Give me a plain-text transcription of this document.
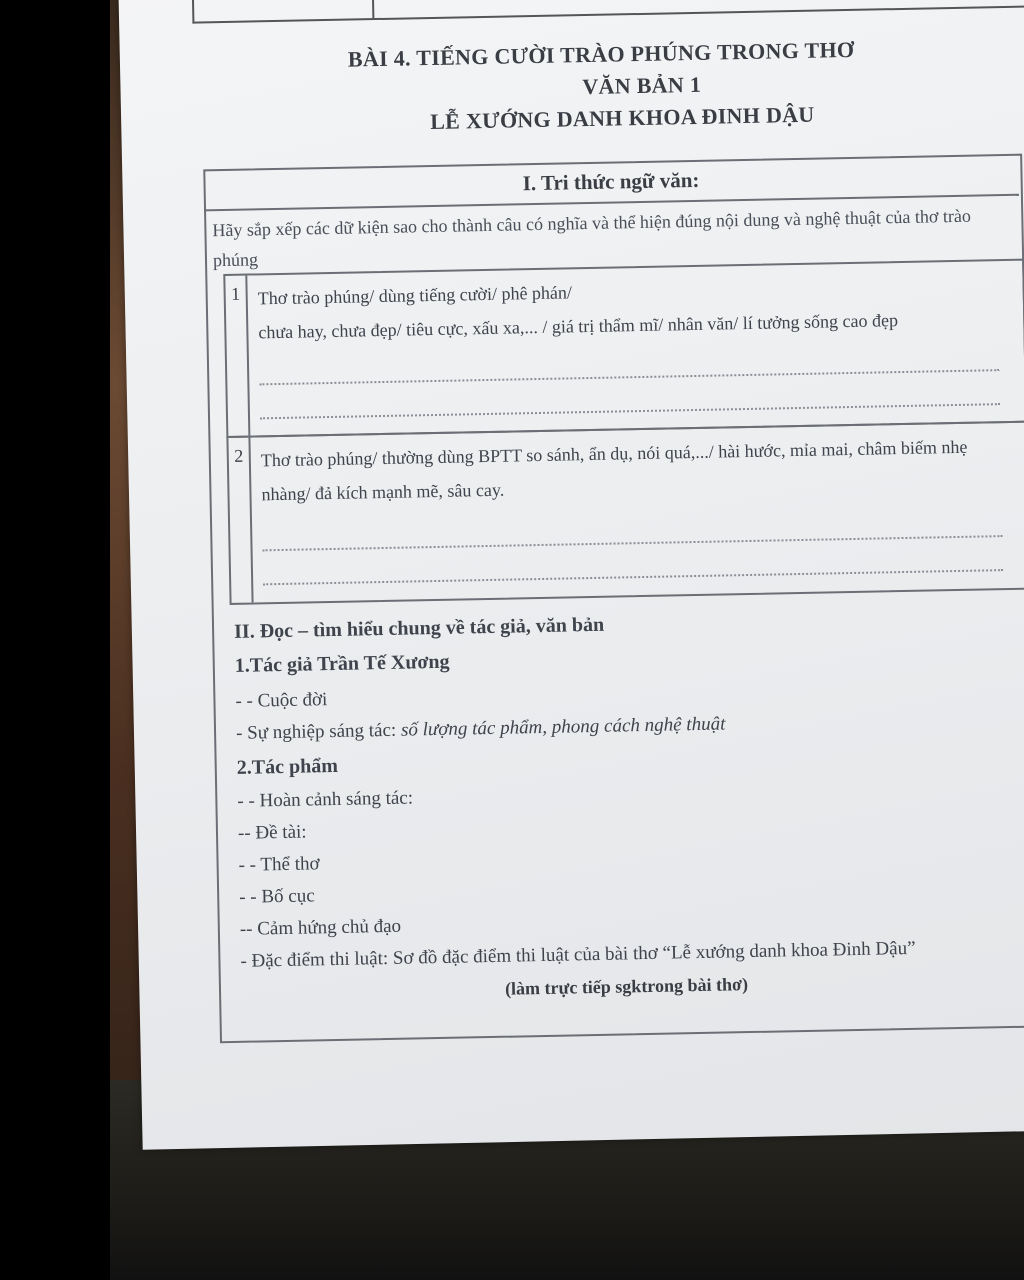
BÀI 4. TIẾNG CƯỜI TRÀO PHÚNG TRONG THƠ
VĂN BẢN 1
LỄ XƯỚNG DANH KHOA ĐINH DẬU
I. Tri thức ngữ văn:
Hãy sắp xếp các dữ kiện sao cho thành câu có nghĩa và thể hiện đúng nội dung và nghệ thuật của thơ trào phúng
1 Thơ trào phúng/ dùng tiếng cười/ phê phán/
chưa hay, chưa đẹp/ tiêu cực, xấu xa,... / giá trị thẩm mĩ/ nhân văn/ lí tưởng sống cao đẹp
2 Thơ trào phúng/ thường dùng BPTT so sánh, ẩn dụ, nói quá,.../ hài hước, mỉa mai, châm biếm nhẹ
nhàng/ đả kích mạnh mẽ, sâu cay.
II. Đọc – tìm hiểu chung về tác giả, văn bản
1.Tác giả Trần Tế Xương
- - Cuộc đời
- Sự nghiệp sáng tác: số lượng tác phẩm, phong cách nghệ thuật
2.Tác phẩm
- - Hoàn cảnh sáng tác:
-- Đề tài:
- - Thể thơ
- - Bố cục
-- Cảm hứng chủ đạo
- Đặc điểm thi luật: Sơ đồ đặc điểm thi luật của bài thơ “Lễ xướng danh khoa Đinh Dậu”
(làm trực tiếp sgktrong bài thơ)
